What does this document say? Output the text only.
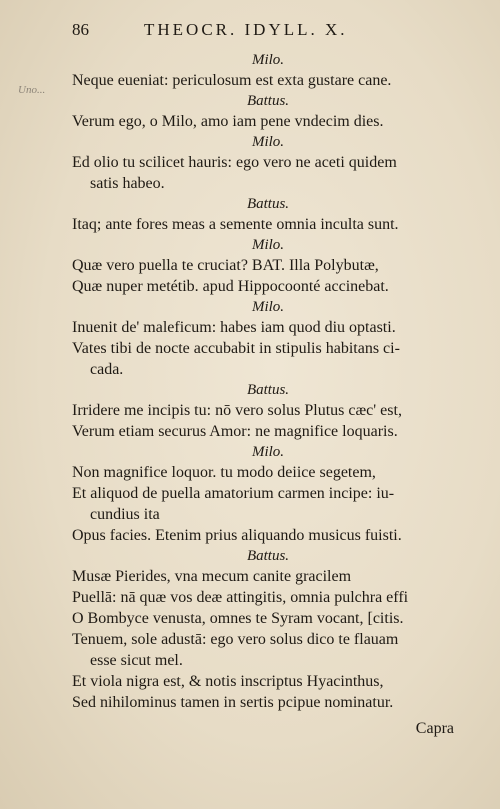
86	THEOCR. IDYLL. X.
Uno...
Milo.
Neque eueniat: periculosum est exta gustare cane.
Battus.
Verum ego, o Milo, amo iam pene vndecim dies.
Milo.
Ed olio tu scilicet hauris: ego vero ne aceti quidem
satis habeo.
Battus.
Itaq; ante fores meas a semente omnia inculta sunt.
Milo.
Quæ vero puella te cruciat? BAT. Illa Polybutæ,
Quæ nuper metétib. apud Hippocoonté accinebat.
Milo.
Inuenit de' maleficum: habes iam quod diu optasti.
Vates tibi de nocte accubabit in stipulis habitans ci-
cada.
Battus.
Irridere me incipis tu: nō vero solus Plutus cæc' est,
Verum etiam securus Amor: ne magnifice loquaris.
Milo.
Non magnifice loquor. tu modo deiice segetem,
Et aliquod de puella amatorium carmen incipe: iu-
cundius ita
Opus facies. Etenim prius aliquando musicus fuisti.
Battus.
Musæ Pierides, vna mecum canite gracilem
Puellā: nā quæ vos deæ attingitis, omnia pulchra effi
O Bombyce venusta, omnes te Syram vocant, [citis.
Tenuem, sole adustā: ego vero solus dico te flauam
esse sicut mel.
Et viola nigra est, & notis inscriptus Hyacinthus,
Sed nihilominus tamen in sertis pcipue nominatur.
Capra
